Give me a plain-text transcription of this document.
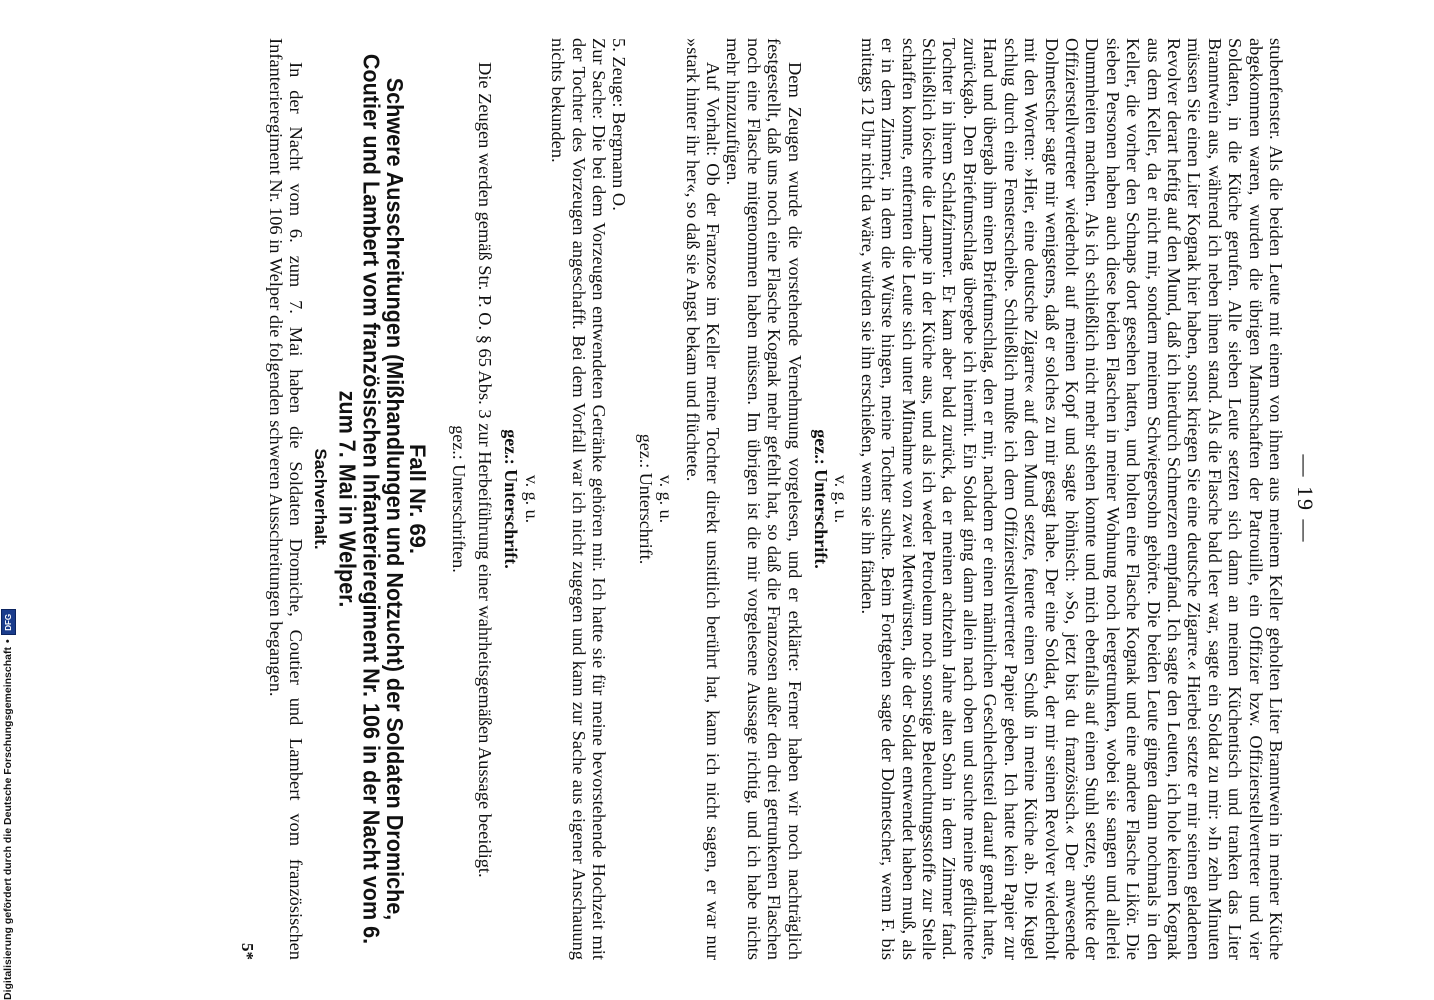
— 19 —

stubenfenster. Als die beiden Leute mit einem von ihnen aus meinem Keller geholten Liter Branntwein in meiner Küche abgekommen waren, wurden die übrigen Mannschaften der Patrouille, ein Offizier bzw. Offizierstellvertreter und vier Soldaten, in die Küche gerufen. Alle sieben Leute setzten sich dann an meinen Küchentisch und tranken das Liter Branntwein aus, während ich neben ihnen stand. Als die Flasche bald leer war, sagte ein Soldat zu mir: »In zehn Minuten müssen Sie einen Liter Kognak hier haben, sonst kriegen Sie eine deutsche Zigarre.« Hierbei setzte er mir seinen geladenen Revolver derart heftig auf den Mund, daß ich hierdurch Schmerzen empfand. Ich sagte den Leuten, ich hole keinen Kognak aus dem Keller, da er nicht mir, sondern meinem Schwiegersohn gehörte. Die beiden Leute gingen dann nochmals in den Keller, die vorher den Schnaps dort gesehen hatten, und holten eine Flasche Kognak und eine andere Flasche Likör. Die sieben Personen haben auch diese beiden Flaschen in meiner Wohnung noch leergetrunken, wobei sie sangen und allerlei Dummheiten machten. Als ich schließlich nicht mehr stehen konnte und mich ebenfalls auf einen Stuhl setzte, spuckte der Offizierstellvertreter wiederholt auf meinen Kopf und sagte höhnisch: »So, jetzt bist du französisch.« Der anwesende Dolmetscher sagte mir wenigstens, daß er solches zu mir gesagt habe. Der eine Soldat, der mir seinen Revolver wiederholt mit den Worten: »Hier, eine deutsche Zigarre« auf den Mund setzte, feuerte einen Schuß in meine Küche ab. Die Kugel schlug durch eine Fensterscheibe. Schließlich mußte ich dem Offizierstellvertreter Papier geben. Ich hatte kein Papier zur Hand und übergab ihm einen Briefumschlag, den er mir, nachdem er einen männlichen Geschlechtsteil darauf gemalt hatte, zurückgab. Den Briefumschlag übergebe ich hiermit. Ein Soldat ging dann allein nach oben und suchte meine geflüchtete Tochter in ihrem Schlafzimmer. Er kam aber bald zurück, da er meinen achtzehn Jahre alten Sohn in dem Zimmer fand. Schließlich löschte die Lampe in der Küche aus, und als ich weder Petroleum noch sonstige Beleuchtungsstoffe zur Stelle schaffen konnte, entfernten die Leute sich unter Mitnahme von zwei Mettwürsten, die der Soldat entwendet haben muß, als er in dem Zimmer, in dem die Würste hingen, meine Tochter suchte. Beim Fortgehen sagte der Dolmetscher, wenn F. bis mittags 12 Uhr nicht da wäre, würden sie ihn erschießen, wenn sie ihn fänden.

v. g. u.

gez.: Unterschrift.

Dem Zeugen wurde die vorstehende Vernehmung vorgelesen, und er erklärte: Ferner haben wir noch nachträglich festgestellt, daß uns noch eine Flasche Kognak mehr gefehlt hat, so daß die Franzosen außer den drei getrunkenen Flaschen noch eine Flasche mitgenommen haben müssen. Im übrigen ist die mir vorgelesene Aussage richtig, und ich habe nichts mehr hinzuzufügen.

Auf Vorhalt: Ob der Franzose im Keller meine Tochter direkt unsittlich berührt hat, kann ich nicht sagen, er war nur »stark hinter ihr her«, so daß sie Angst bekam und flüchtete.

v. g. u.

gez.: Unterschrift.

5. Zeuge: Bergmann O.

Zur Sache: Die bei dem Vorzeugen entwendeten Getränke gehören mir. Ich hatte sie für meine bevorstehende Hochzeit mit der Tochter des Vorzeugen angeschafft. Bei dem Vorfall war ich nicht zugegen und kann zur Sache aus eigener Anschauung nichts bekunden.

v. g. u.

gez.: Unterschrift.

Die Zeugen werden gemäß Str. P. O. § 65 Abs. 3 zur Herbeiführung einer wahrheitsgemäßen Aussage beeidigt.

gez.: Unterschriften.

Fall Nr. 69.

Schwere Ausschreitungen (Mißhandlungen und Notzucht) der Soldaten Dromiche, Coutier und Lambert vom französischen Infanterieregiment Nr. 106 in der Nacht vom 6. zum 7. Mai in Welper.

Sachverhalt.

In der Nacht vom 6. zum 7. Mai haben die Soldaten Dromiche, Coutier und Lambert vom französischen Infanterieregiment Nr. 106 in Welper die folgenden schweren Ausschreitungen begangen.

5*

Digitalisierung gefördert durch die Deutsche Forschungsgemeinschaft
•
DFG
